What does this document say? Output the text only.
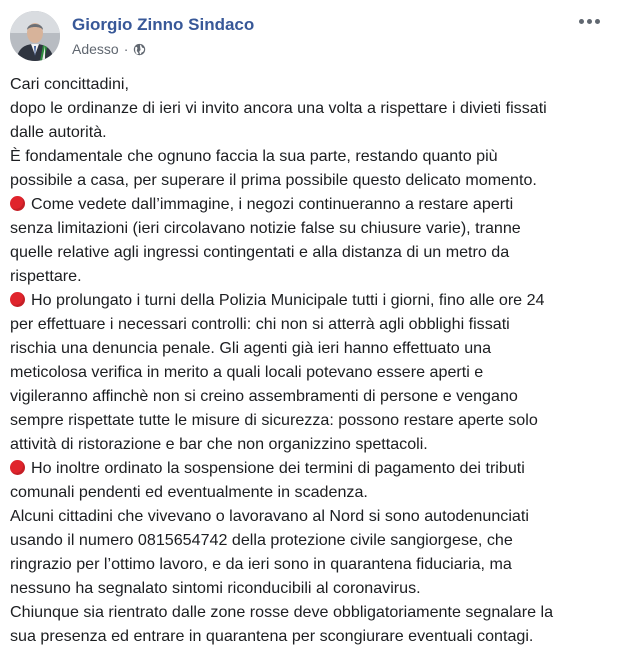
Giorgio Zinno Sindaco
Adesso ·
Cari concittadini,
dopo le ordinanze di ieri vi invito ancora una volta a rispettare i divieti fissati
dalle autorità.
È fondamentale che ognuno faccia la sua parte, restando quanto più
possibile a casa, per superare il prima possibile questo delicato momento.
Come vedete dall’immagine, i negozi continueranno a restare aperti
senza limitazioni (ieri circolavano notizie false su chiusure varie), tranne
quelle relative agli ingressi contingentati e alla distanza di un metro da
rispettare.
Ho prolungato i turni della Polizia Municipale tutti i giorni, fino alle ore 24
per effettuare i necessari controlli: chi non si atterrà agli obblighi fissati
rischia una denuncia penale. Gli agenti già ieri hanno effettuato una
meticolosa verifica in merito a quali locali potevano essere aperti e
vigileranno affinchè non si creino assembramenti di persone e vengano
sempre rispettate tutte le misure di sicurezza: possono restare aperte solo
attività di ristorazione e bar che non organizzino spettacoli.
Ho inoltre ordinato la sospensione dei termini di pagamento dei tributi
comunali pendenti ed eventualmente in scadenza.
Alcuni cittadini che vivevano o lavoravano al Nord si sono autodenunciati
usando il numero 0815654742 della protezione civile sangiorgese, che
ringrazio per l’ottimo lavoro, e da ieri sono in quarantena fiduciaria, ma
nessuno ha segnalato sintomi riconducibili al coronavirus.
Chiunque sia rientrato dalle zone rosse deve obbligatoriamente segnalare la
sua presenza ed entrare in quarantena per scongiurare eventuali contagi.
